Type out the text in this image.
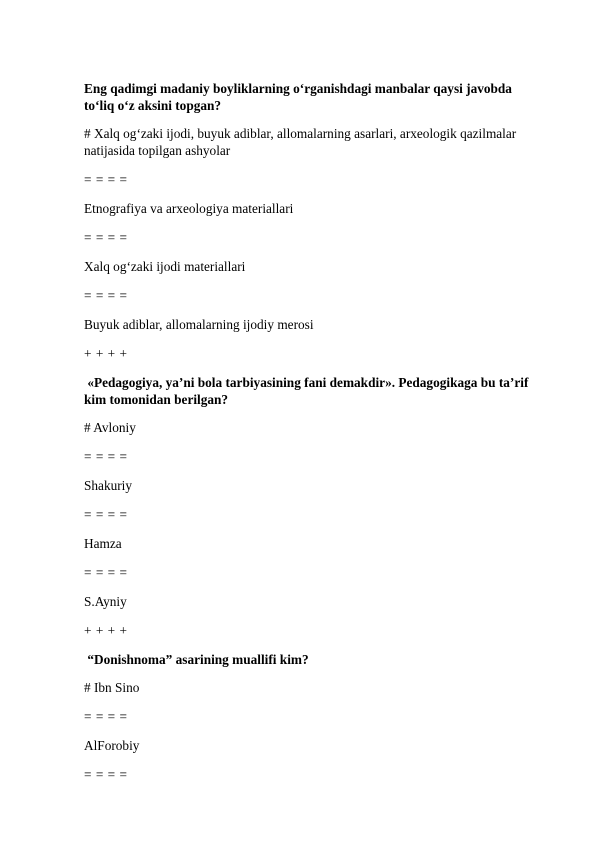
Eng qadimgi madaniy boyliklarning o‘rganishdagi manbalar qaysi javobda to‘liq o‘z aksini topgan?

# Xalq og‘zaki ijodi, buyuk adiblar, allomalarning asarlari, arxeologik qazilmalar natijasida topilgan ashyolar

= = = =

Etnografiya va arxeologiya materiallari

= = = =

Xalq og‘zaki ijodi materiallari

= = = =

Buyuk adiblar, allomalarning ijodiy merosi

+ + + +

«Pedagogiya, ya’ni bola tarbiyasining fani demakdir». Pedagogikaga bu ta’rif kim tomonidan berilgan?

# Avloniy

= = = =

Shakuriy

= = = =

Hamza

= = = =

S.Ayniy

+ + + +

“Donishnoma” asarining muallifi kim?

# Ibn Sino

= = = =

AlForobiy

= = = =
